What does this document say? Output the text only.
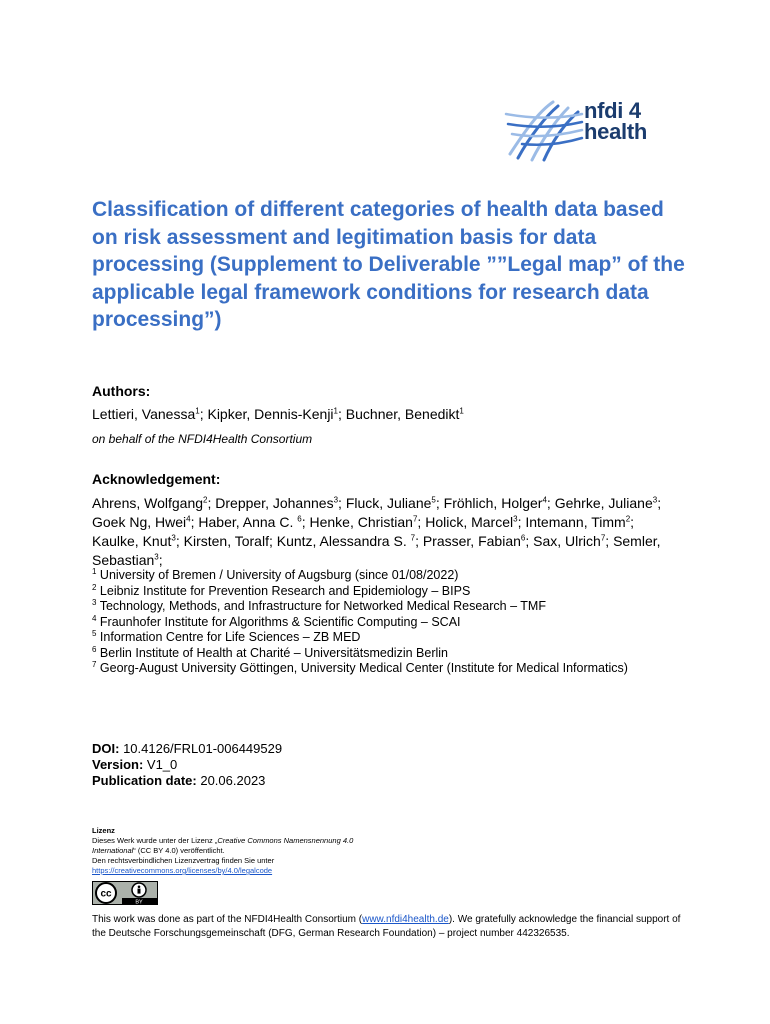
nfdi 4
health
Classification of different categories of health data based on risk assessment and legitimation basis for data processing (Supplement to Deliverable ””Legal map” of the applicable legal framework conditions for research data processing”)

Authors:

Lettieri, Vanessa$^1$; Kipker, Dennis-Kenji$^1$; Buchner, Benedikt$^1$

on behalf of the NFDI4Health Consortium

Acknowledgement:

Ahrens, Wolfgang$^2$; Drepper, Johannes$^3$; Fluck, Juliane$^5$; Fröhlich, Holger$^4$; Gehrke, Juliane$^3$; Goek Ng, Hwei$^4$; Haber, Anna C. $^6$; Henke, Christian$^7$; Holick, Marcel$^3$; Intemann, Timm$^2$; Kaulke, Knut$^3$; Kirsten, Toralf; Kuntz, Alessandra S. $^7$; Prasser, Fabian$^6$; Sax, Ulrich$^7$; Semler, Sebastian$^3$;

$^1$ University of Bremen / University of Augsburg (since 01/08/2022)
$^2$ Leibniz Institute for Prevention Research and Epidemiology – BIPS
$^3$ Technology, Methods, and Infrastructure for Networked Medical Research – TMF
$^4$ Fraunhofer Institute for Algorithms & Scientific Computing – SCAI
$^5$ Information Centre for Life Sciences – ZB MED
$^6$ Berlin Institute of Health at Charité – Universitätsmedizin Berlin
$^7$ Georg-August University Göttingen, University Medical Center (Institute for Medical Informatics)
DOI: 10.4126/FRL01-006449529
Version: V1_0
Publication date: 20.06.2023
Lizenz
Dieses Werk wurde unter der Lizenz „Creative Commons Namensnennung 4.0 International“ (CC BY 4.0) veröffentlicht.
Den rechtsverbindlichen Lizenzvertrag finden Sie unter
https://creativecommons.org/licenses/by/4.0/legalcode
cc
BY

This work was done as part of the NFDI4Health Consortium (www.nfdi4health.de). We gratefully acknowledge the financial support of the Deutsche Forschungsgemeinschaft (DFG, German Research Foundation) – project number 442326535.
